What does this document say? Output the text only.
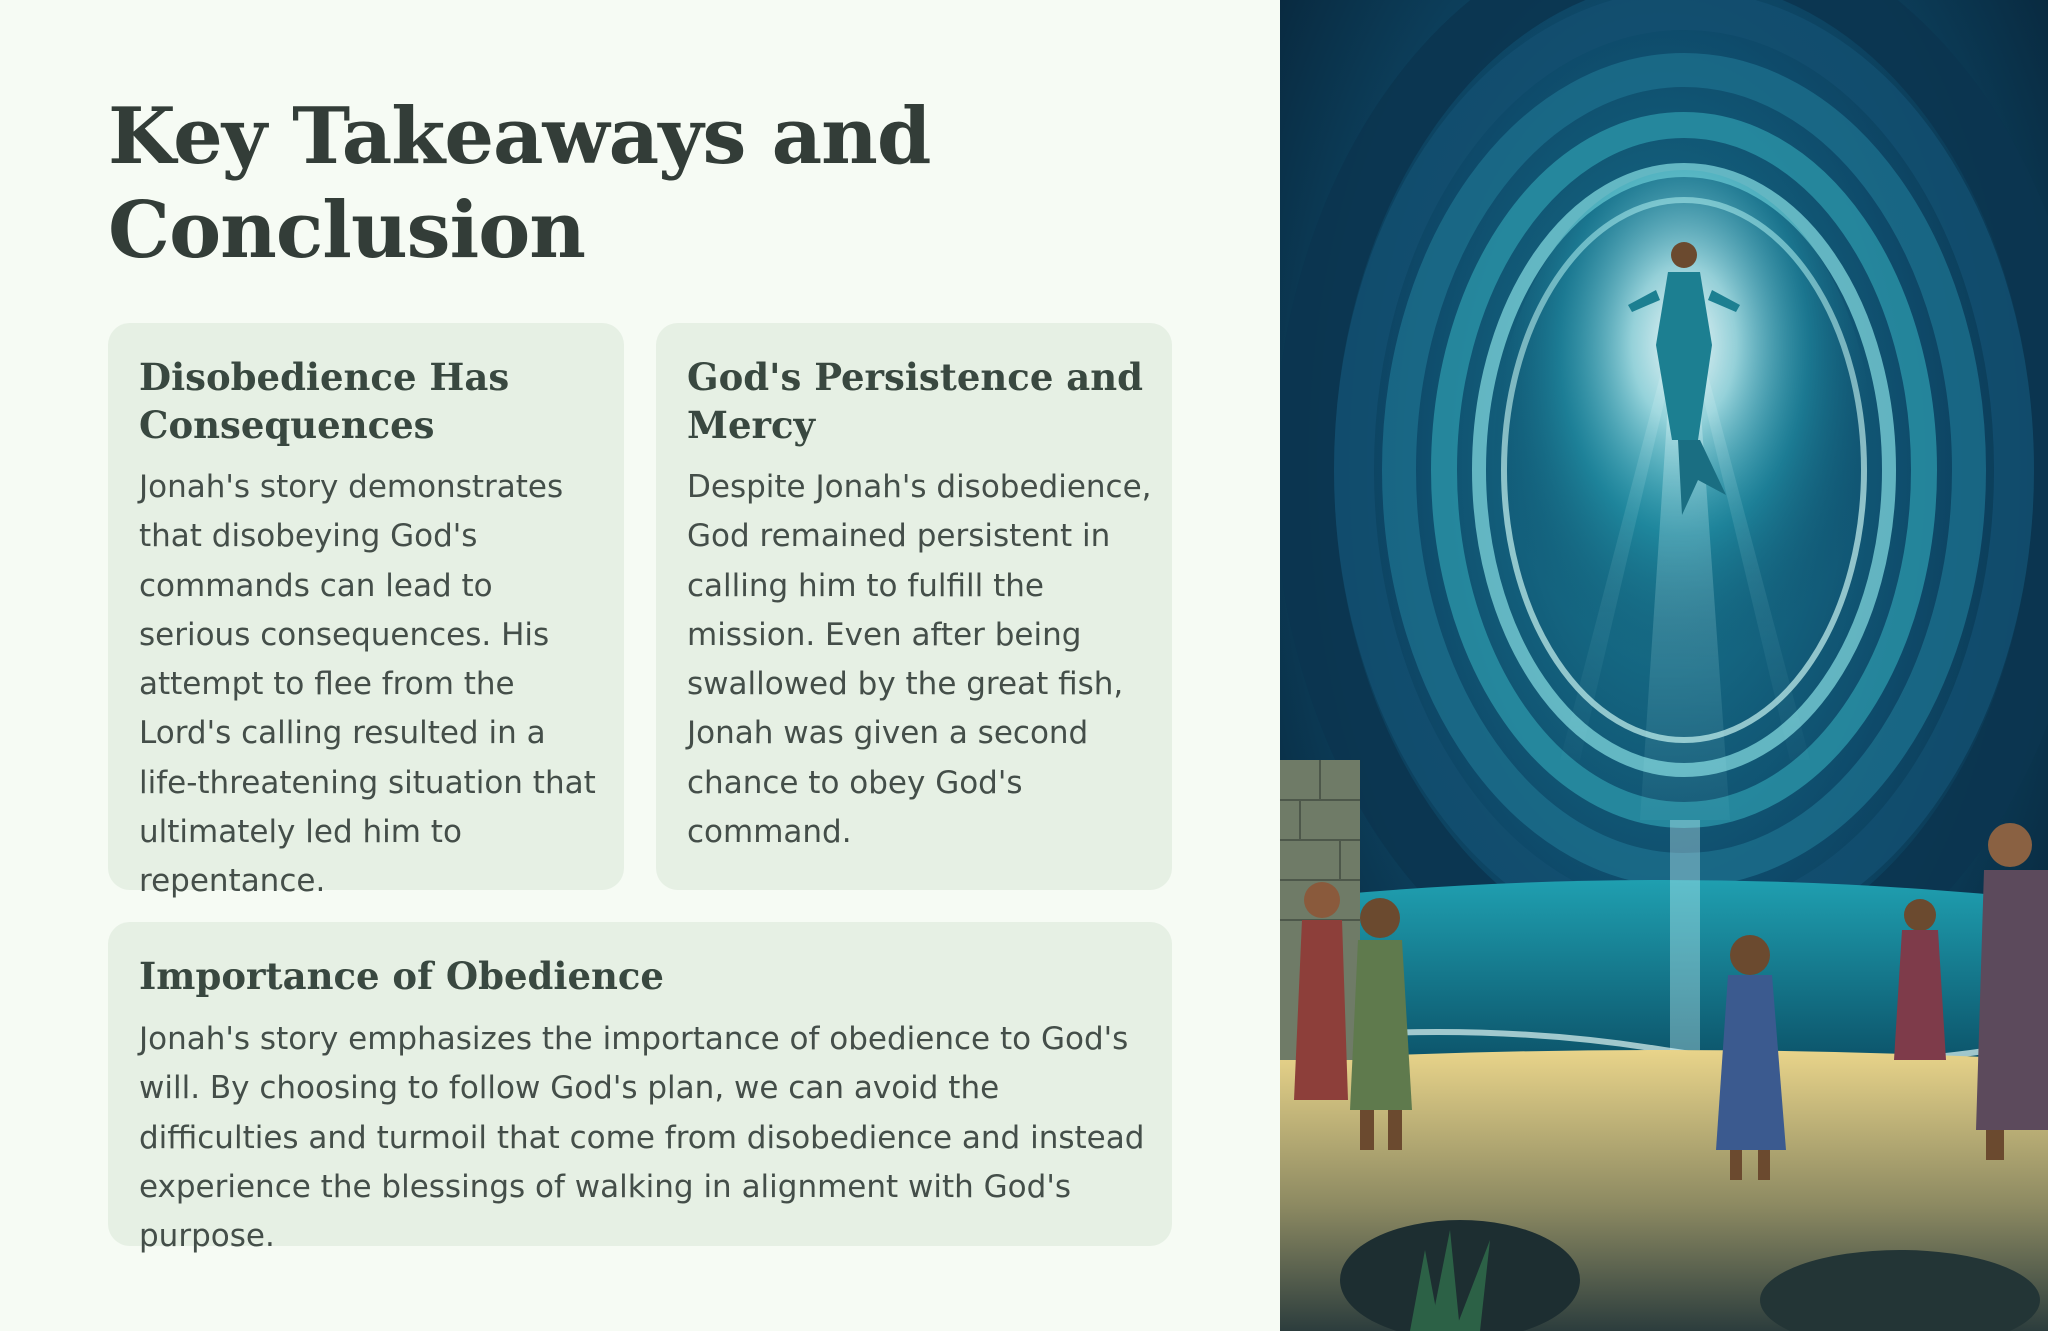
Key Takeaways and Conclusion
Disobedience Has Consequences

Jonah's story demonstrates that disobeying God's commands can lead to serious consequences. His attempt to flee from the Lord's calling resulted in a life-threatening situation that ultimately led him to repentance.

God's Persistence and Mercy

Despite Jonah's disobedience, God remained persistent in calling him to fulfill the mission. Even after being swallowed by the great fish, Jonah was given a second chance to obey God's command.

Importance of Obedience

Jonah's story emphasizes the importance of obedience to God's will. By choosing to follow God's plan, we can avoid the difficulties and turmoil that come from disobedience and instead experience the blessings of walking in alignment with God's purpose.
